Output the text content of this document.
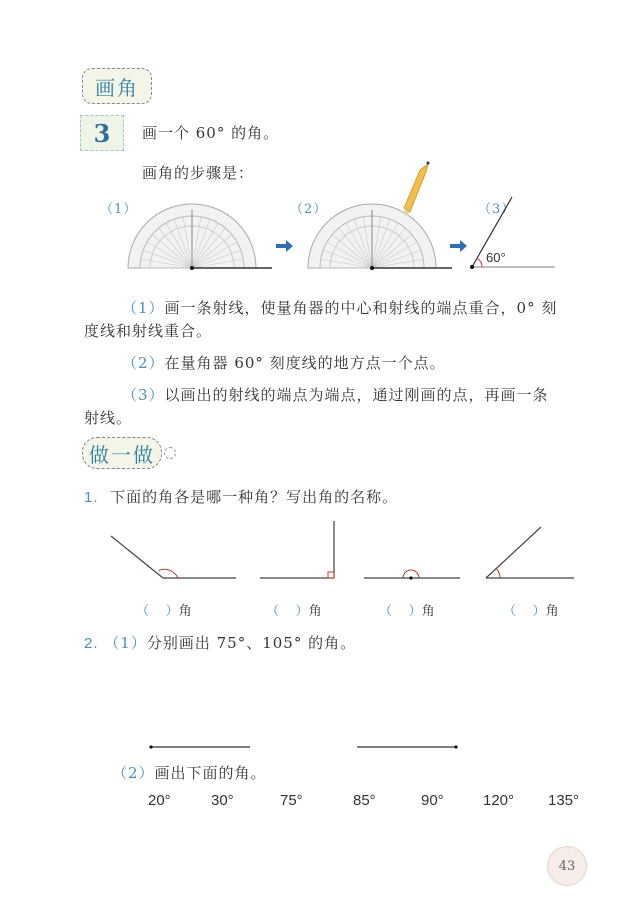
画角
3 画一个 60° 的角。
画角的步骤是：
（1）	（2）	（3）
60°
（1）画一条射线，使量角器的中心和射线的端点重合，0° 刻
度线和射线重合。
（2）在量角器 60° 刻度线的地方点一个点。
（3）以画出的射线的端点为端点，通过刚画的点，再画一条
射线。
做一做
1. 下面的角各是哪一种角？写出角的名称。
（ ）角	（ ）角	（ ）角	（ ）角
2. （1）分别画出 75°、105° 的角。
（2）画出下面的角。
20°	30°	75°	85°	90°	120° 135°
43
